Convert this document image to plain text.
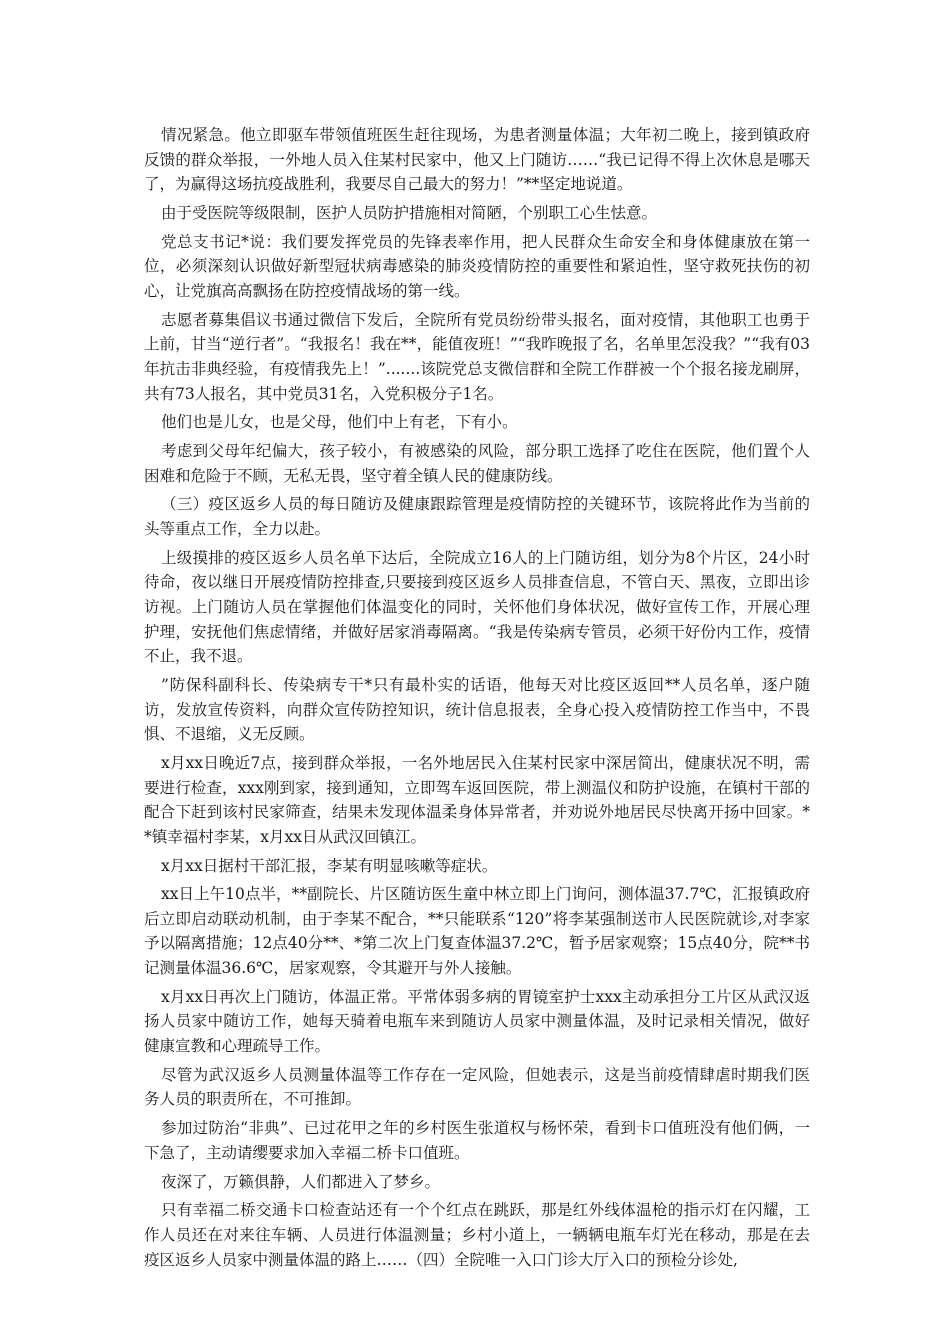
情况紧急。他立即驱车带领值班医生赶往现场，为患者测量体温；大年初二晚上，接到镇政府反馈的群众举报，一外地人员入住某村民家中，他又上门随访……“我已记得不得上次休息是哪天了，为赢得这场抗疫战胜利，我要尽自己最大的努力！”**坚定地说道。

由于受医院等级限制，医护人员防护措施相对简陋，个别职工心生怯意。

党总支书记*说：我们要发挥党员的先锋表率作用，把人民群众生命安全和身体健康放在第一位，必须深刻认识做好新型冠状病毒感染的肺炎疫情防控的重要性和紧迫性，坚守救死扶伤的初心，让党旗高高飘扬在防控疫情战场的第一线。

志愿者募集倡议书通过微信下发后，全院所有党员纷纷带头报名，面对疫情，其他职工也勇于上前，甘当“逆行者”。“我报名！我在**，能值夜班！”“我昨晚报了名，名单里怎没我？”“我有03年抗击非典经验，有疫情我先上！”.......该院党总支微信群和全院工作群被一个个报名接龙刷屏，共有73人报名，其中党员31名，入党积极分子1名。

他们也是儿女，也是父母，他们中上有老，下有小。

考虑到父母年纪偏大，孩子较小，有被感染的风险，部分职工选择了吃住在医院，他们置个人困难和危险于不顾，无私无畏，坚守着全镇人民的健康防线。

（三）疫区返乡人员的每日随访及健康跟踪管理是疫情防控的关键环节，该院将此作为当前的头等重点工作，全力以赴。

上级摸排的疫区返乡人员名单下达后，全院成立16人的上门随访组，划分为8个片区，24小时待命，夜以继日开展疫情防控排查,只要接到疫区返乡人员排查信息，不管白天、黑夜，立即出诊访视。上门随访人员在掌握他们体温变化的同时，关怀他们身体状况，做好宣传工作，开展心理护理，安抚他们焦虑情绪，并做好居家消毒隔离。“我是传染病专管员，必须干好份内工作，疫情不止，我不退。

”防保科副科长、传染病专干*只有最朴实的话语，他每天对比疫区返回**人员名单，逐户随访，发放宣传资料，向群众宣传防控知识，统计信息报表，全身心投入疫情防控工作当中，不畏惧、不退缩，义无反顾。

x月xx日晚近7点，接到群众举报，一名外地居民入住某村民家中深居简出，健康状况不明，需要进行检查，xxx刚到家，接到通知，立即驾车返回医院，带上测温仪和防护设施，在镇村干部的配合下赶到该村民家筛查，结果未发现体温柔身体异常者，并劝说外地居民尽快离开扬中回家。**镇幸福村李某，x月xx日从武汉回镇江。

x月xx日据村干部汇报，李某有明显咳嗽等症状。

xx日上午10点半，**副院长、片区随访医生童中林立即上门询问，测体温37.7℃，汇报镇政府后立即启动联动机制，由于李某不配合，**只能联系“120”将李某强制送市人民医院就诊,对李家予以隔离措施；12点40分**、*第二次上门复查体温37.2℃，暂予居家观察；15点40分，院**书记测量体温36.6℃，居家观察，令其避开与外人接触。

x月xx日再次上门随访，体温正常。平常体弱多病的胃镜室护士xxx主动承担分工片区从武汉返扬人员家中随访工作，她每天骑着电瓶车来到随访人员家中测量体温，及时记录相关情况，做好健康宣教和心理疏导工作。

尽管为武汉返乡人员测量体温等工作存在一定风险，但她表示，这是当前疫情肆虐时期我们医务人员的职责所在，不可推卸。

参加过防治“非典”、已过花甲之年的乡村医生张道权与杨怀荣，看到卡口值班没有他们俩，一下急了，主动请缨要求加入幸福二桥卡口值班。

夜深了，万籁俱静，人们都进入了梦乡。

只有幸福二桥交通卡口检查站还有一个个红点在跳跃，那是红外线体温枪的指示灯在闪耀，工作人员还在对来往车辆、人员进行体温测量；乡村小道上，一辆辆电瓶车灯光在移动，那是在去疫区返乡人员家中测量体温的路上……（四）全院唯一入口门诊大厅入口的预检分诊处,
